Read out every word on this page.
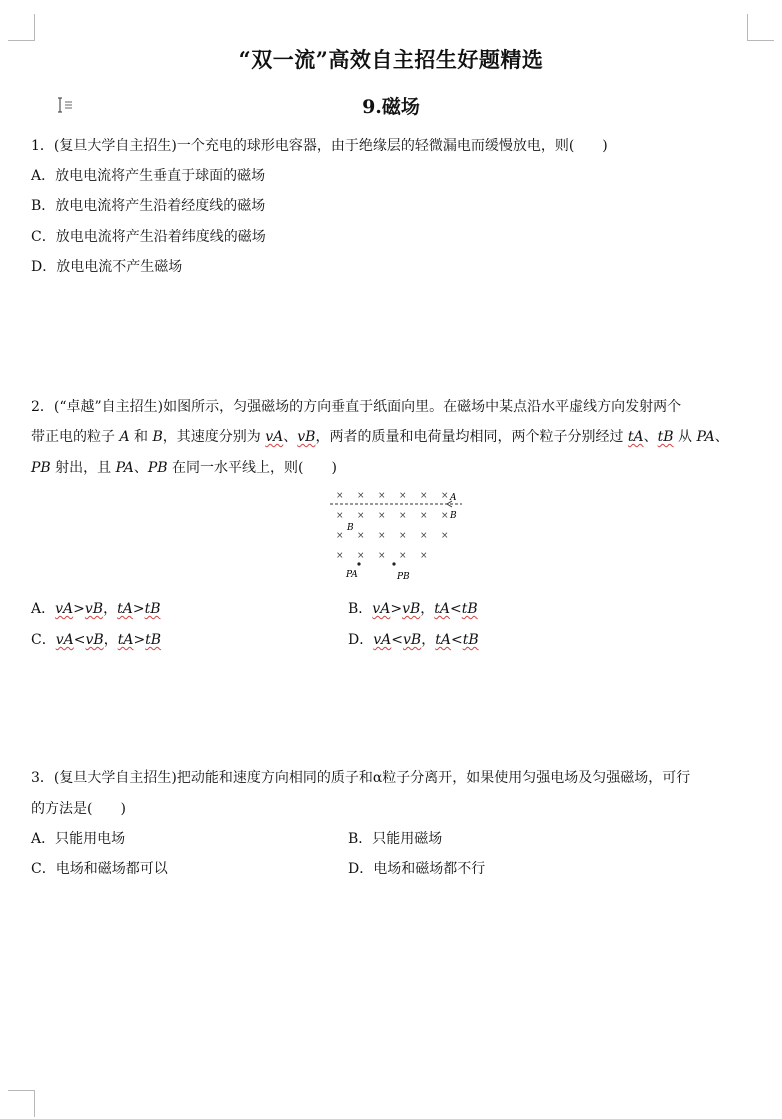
“双一流”高效自主招生好题精选
9.磁场
1．(复旦大学自主招生)一个充电的球形电容器，由于绝缘层的轻微漏电而缓慢放电，则(　　)
A．放电电流将产生垂直于球面的磁场
B．放电电流将产生沿着经度线的磁场
C．放电电流将产生沿着纬度线的磁场
D．放电电流不产生磁场
2．(“卓越”自主招生)如图所示，匀强磁场的方向垂直于纸面向里。在磁场中某点沿水平虚线方向发射两个
带正电的粒子 A 和 B，其速度分别为 vA、vB，两者的质量和电荷量均相同，两个粒子分别经过 tA、tB 从 PA、
PB 射出，且 PA、PB 在同一水平线上，则(　　)
× × × × × ×
× × × × × ×
× × × × × ×
× × × × ×
A
B
B
PA	PB
A．vA>vB，tA>tB	B．vA>vB，tA<tB
C．vA<vB，tA>tB	D．vA<vB，tA<tB
3．(复旦大学自主招生)把动能和速度方向相同的质子和α粒子分离开，如果使用匀强电场及匀强磁场，可行
的方法是(　　)
A．只能用电场	B．只能用磁场
C．电场和磁场都可以	D．电场和磁场都不行
